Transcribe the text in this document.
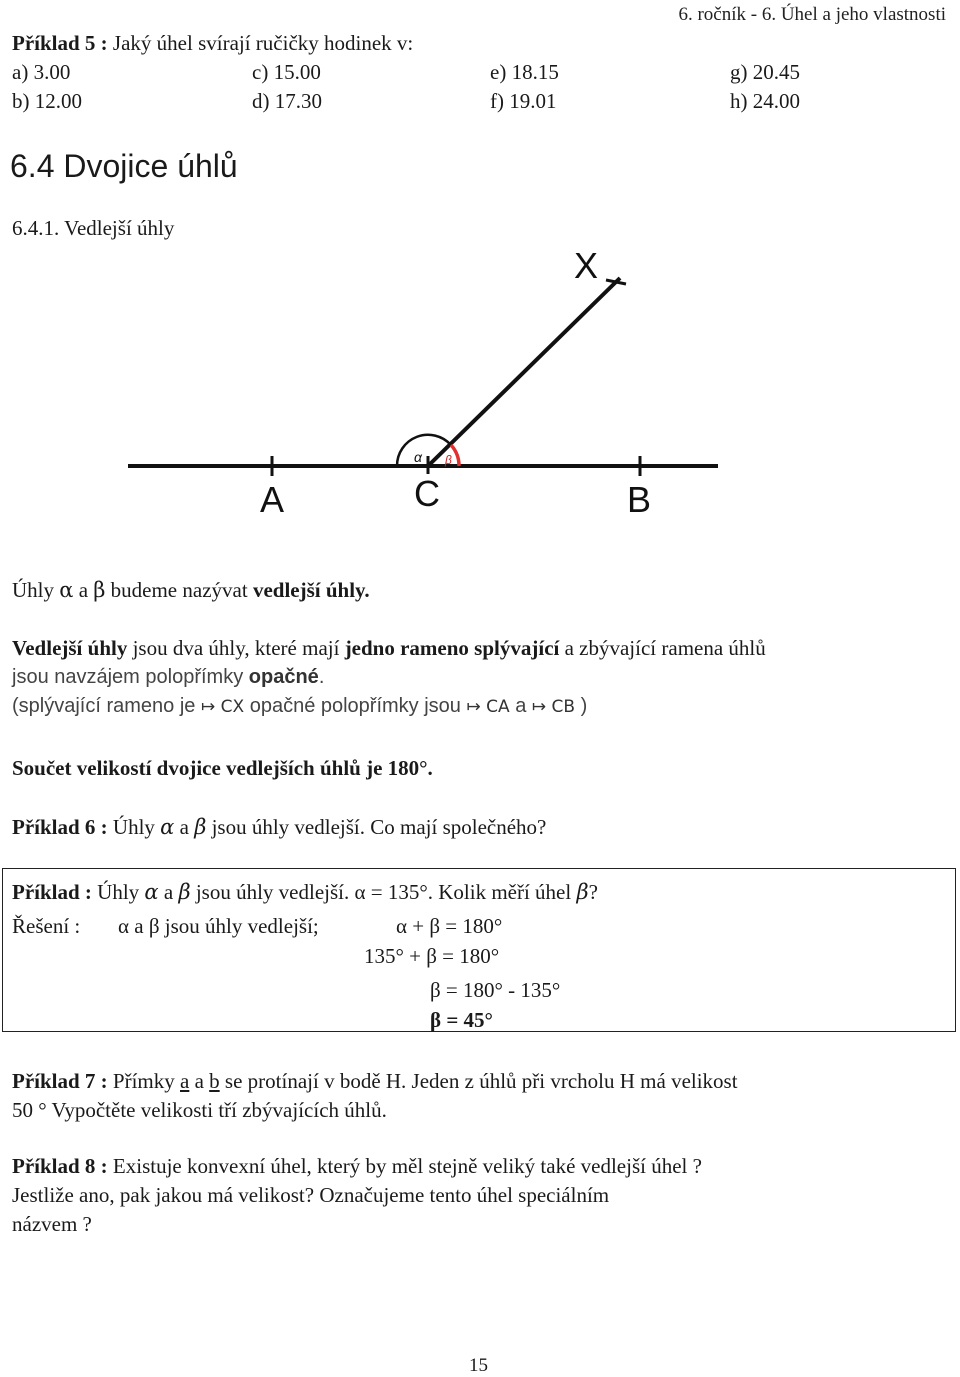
6. ročník - 6. Úhel a jeho vlastnosti
Příklad 5 : Jaký úhel svírají ručičky hodinek v:
a) 3.00	c) 15.00	e) 18.15	g) 20.45
b) 12.00	d) 17.30	f) 19.01	h) 24.00
6.4 Dvojice úhlů
6.4.1. Vedlejší úhly
X
A	C	B
α β
Úhly α a β budeme nazývat vedlejší úhly.
Vedlejší úhly jsou dva úhly, které mají jedno rameno splývající a zbývající ramena úhlů
jsou navzájem polopřímky opačné.
(splývající rameno je ↦ CX opačné polopřímky jsou ↦ CA a ↦ CB )
Součet velikostí dvojice vedlejších úhlů je 180°.
Příklad 6 : Úhly α a β jsou úhly vedlejší. Co mají společného?
Příklad : Úhly α a β jsou úhly vedlejší. α = 135°. Kolik měří úhel β?
Řešení : α a β jsou úhly vedlejší;	α + β = 180°
135° + β = 180°
β = 180° - 135°
β = 45°
Příklad 7 : Přímky a a b se protínají v bodě H. Jeden z úhlů při vrcholu H má velikost
50 ° Vypočtěte velikosti tří zbývajících úhlů.
Příklad 8 : Existuje konvexní úhel, který by měl stejně veliký také vedlejší úhel ?
Jestliže ano, pak jakou má velikost? Označujeme tento úhel speciálním
názvem ?
15
